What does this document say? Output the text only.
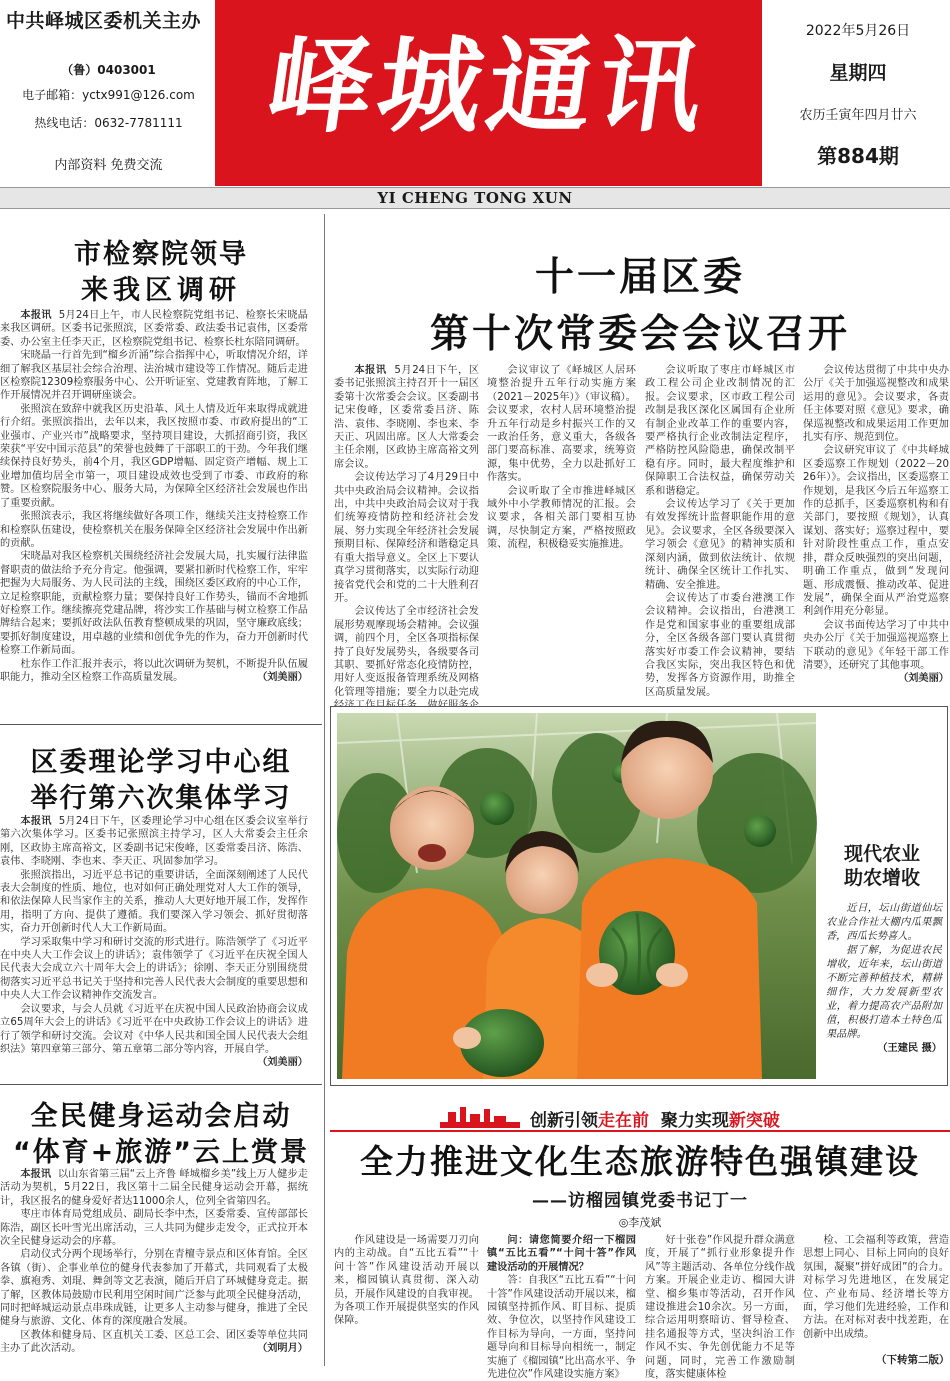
中共峄城区委机关主办
（鲁）0403001
电子邮箱：yctx991@126.com
热线电话：0632-7781111
内部资料 免费交流
峄城通讯	2022年5月26日
星期四
农历壬寅年四月廿六
第884期
YI CHENG TONG XUN
市检察院领导
来我区调研

本报讯 5月24日上午，市人民检察院党组书记、检察长宋晓晶来我区调研。区委书记张照滨，区委常委、政法委书记袁伟，区委常委、办公室主任李天正，区检察院党组书记、检察长杜东陪同调研。

宋晓晶一行首先到“榴乡沂涌”综合指挥中心，听取情况介绍，详细了解我区基层社会综合治理、法治城市建设等工作情况。随后走进区检察院12309检察服务中心、公开听证室、党建教育阵地，了解工作开展情况并召开调研座谈会。

张照滨在致辞中就我区历史沿革、风土人情及近年来取得成就进行介绍。张照滨指出，去年以来，我区按照市委、市政府提出的“工业强市、产业兴市”战略要求，坚持项目建设，大抓招商引资，我区荣获“平安中国示范县”的荣誉也鼓舞了干部职工的干劲。今年我们继续保持良好势头，前4个月，我区GDP增幅、固定资产增幅、规上工业增加值均居全市第一，项目建设成效也受到了市委、市政府的称赞。区检察院服务中心、服务大局，为保障全区经济社会发展也作出了重要贡献。

张照滨表示，我区将继续做好各项工作，继续关注支持检察工作和检察队伍建设，使检察机关在服务保障全区经济社会发展中作出新的贡献。

宋晓晶对我区检察机关围绕经济社会发展大局，扎实履行法律监督职责的做法给予充分肯定。他强调，要紧扣新时代检察工作，牢牢把握为大局服务、为人民司法的主线，围绕区委区政府的中心工作，立足检察职能，贡献检察力量；要保持良好工作势头，锚而不舍地抓好检察工作。继续擦亮党建品牌，将沙实工作基础与树立检察工作品牌结合起来；要抓好政法队伍教育整顿成果的巩固，坚守廉政底线；要抓好制度建设，用卓越的业绩和创优争先的作为，奋力开创新时代检察工作新局面。

杜东作工作汇报并表示，将以此次调研为契机，不断提升队伍履职能力，推动全区检察工作高质量发展。	（刘美丽）

区委理论学习中心组
举行第六次集体学习

本报讯 5月24日下午，区委理论学习中心组在区委会议室举行第六次集体学习。区委书记张照滨主持学习，区人大常委会主任余刚，区政协主席高裕文，区委副书记宋俊峰，区委常委吕济、陈浩、袁伟、李晓刚、李也来、李天正、巩固参加学习。

张照滨指出，习近平总书记的重要讲话，全面深刻阐述了人民代表大会制度的性质、地位，也对如何正确处理党对人大工作的领导，和依法保障人民当家作主的关系，推动人大更好地开展工作，发挥作用，指明了方向、提供了遵循。我们要深入学习领会、抓好贯彻落实，奋力开创新时代人大工作新局面。

学习采取集中学习和研讨交流的形式进行。陈浩领学了《习近平在中央人大工作会议上的讲话》；袁伟领学了《习近平在庆祝全国人民代表大会成立六十周年大会上的讲话》；徐刚、李天正分别围绕贯彻落实习近平总书记关于坚持和完善人民代表大会制度的重要思想和中央人大工作会议精神作交流发言。

会议要求，与会人员就《习近平在庆祝中国人民政治协商会议成立65周年大会上的讲话》《习近平在中央政协工作会议上的讲话》进行了领学和研讨交流。会议对《中华人民共和国全国人民代表大会组织法》第四章第三部分、第五章第二部分等内容，开展自学。
（刘美丽）

全民健身运动会启动
“体育+旅游”云上赏景

本报讯 以山东省第三届“云上齐鲁 峄城榴乡美”线上万人健步走活动为契机，5月22日，我区第十二届全民健身运动会开幕，据统计，我区报名的健身爱好者达11000余人，位列全省第四名。

枣庄市体育局党组成员、副局长李中杰，区委常委、宣传部部长陈浩，副区长叶雪光出席活动，三人共同为健步走发令，正式拉开本次全民健身运动会的序幕。

启动仪式分两个现场举行，分别在青檀寺景点和区体育馆。全区各镇（街）、企事业单位的健身代表参加了开幕式，共同观看了太极拳、旗袍秀、刘琨、舞剑等文艺表演，随后开启了环城健身竞走。据了解，区教体局鼓励市民利用空闲时间广泛参与此项全民健身活动，同时把峄城运动景点串珠成链，让更多人主动参与健身，推进了全民健身与旅游、文化、体育的深度融合发展。

区教体和健身局、区直机关工委、区总工会、团区委等单位共同主办了此次活动。	（刘明月）

十一届区委
第十次常委会会议召开

本报讯 5月24日下午，区委书记张照滨主持召开十一届区委第十次常委会会议。区委副书记宋俊峰，区委常委吕济、陈浩、袁伟、李晓刚、李也来、李天正、巩固出席。区人大常委会主任余刚，区政协主席高裕文列席会议。

会议传达学习了4月29日中共中央政治局会议精神。会议指出，中共中央政治局会议对于我们统筹疫情防控和经济社会发展、努力实现全年经济社会发展预期目标、保障经济和谐稳定具有重大指导意义。全区上下要认真学习贯彻落实，以实际行动迎接省党代会和党的二十大胜利召开。

会议传达了全市经济社会发展形势观摩现场会精神。会议强调，前四个月，全区各项指标保持了良好发展势头，各级要各司其职、要抓好常态化疫情防控，用好人变返报备管理系统及网格化管理等措施；要全力以赴完成

会议审议了《峄城区人居环境整治提升五年行动实施方案（2021－2025年）》（审议稿）。会议要求，农村人居环境整治提升五年行动是乡村振兴工作的又一政治任务，意义重大，各级各部门要高标准、高要求，统筹资源，集中优势，全力以赴抓好工作落实。

会议听取了全市推进峄城区域外中小学教师情况的汇报。会议要求，各相关部门要相互协调，尽快制定方案，严格按照政策、流程，积极稳妥实施推进。

会议听取了枣庄市峄城区市政工程公司企业改制情况的汇报。会议要求，区市政工程公司改制是我区深化区属国有企业所有制企业改革工作的重要内容，要严格执行企业改制法定程序，严格防控风险隐患，确保改制平稳有序。同时，最大程度维护和保障职工合法权益，确保劳动关系和谐稳定。

会议传达学习了《关于更加有效发挥统计监督职能作用的意见》。会议要求，全区各级要深入学习领会《意见》的精神实质和深刻内涵，做到依法统计、依规统计、确保全区统计工作扎实、精确、安全推进。

会议传达了市委台港澳工作会议精神。会议指出，台港澳工作是党和国家事业的重要组成部分，全区各级各部门要认真贯彻落实好市委工作会议精神，要结合我区实际，突出我区特色和优势，发挥各方资源作用，助推全区高质量发展。

会议传达贯彻了中共中央办公厅《关于加强巡视整改和成果运用的意见》。会议要求，各责任主体要对照《意见》要求，确保巡视整改和成果运用工作更加扎实有序、规范到位。

会议研究审议了《中共峄城区委巡察工作规划（2022－2026年）》。会议指出，区委巡察工作规划，是我区今后五年巡察工作的总抓手，区委巡察机构和有关部门，要按照《规划》，认真谋划、落实好；巡察过程中，要针对阶段性重点工作，重点安排，群众反映强烈的突出问题，明确工作重点，做到“发现问题、形成震慑、推动改革、促进发展”，确保全面从严治党巡察利剑作用充分彰显。

会议书面传达学习了中共中央办公厅《关于加强巡视巡察上下联动的意见》《年轻干部工作清要》，还研究了其他事项。
（刘美丽）

现代农业
助农增收

近日，坛山街道仙坛农业合作社大棚内瓜果飘香，西瓜长势喜人。

据了解，为促进农民增收，近年来，坛山街道不断完善种植技术，精耕细作，大力发展新型农业，着力提高农产品附加值，积极打造本土特色瓜果品牌。

（王建民 摄）

创新引领走在前  聚力实现新突破
全力推进文化生态旅游特色强镇建设
——访榴园镇党委书记丁一
◎李茂斌

作风建设是一场需要刀刃向内的主动战。自“五比五看”“十问十答”作风建设活动开展以来，榴园镇认真贯彻、深入动员，开展作风建设的自我审视。为各项工作开展提供坚实的作风保障。

问：请您简要介绍一下榴园镇“五比五看”“十问十答”作风建设活动的开展情况？

答：自我区“五比五看”“十问十答”作风建设活动开展以来，榴园镇坚持抓作风、盯目标、提质效、争位次，以坚持作风建设工作目标为导向，一方面，坚持问题导向和目标导向相统一，制定实施了《榴园镇“比出高水平、争先进位次”作风建设实施方案》

好十张卷”作风提升群众满意度，开展了“抓行业形象提升作风”等主题活动、各单位分线作战方案。开展企业走访、榴园大讲堂、榴乡集市等活动，召开作风建设推进会10余次。另一方面，综合运用明察暗访、督导检查、挂名通报等方式，坚决纠治工作作风不实、争先创优能力不足等问题，同时，完善工作激励制度，落实健康体检

检、工会福利等政策，营造思想上同心、目标上同向的良好氛围，凝聚“拼好成团”的合力。对标学习先进地区，在发展定位、产业布局、经济增长等方面，学习他们先进经验，工作和方法。在对标对表中找差距，在创新中出成绩。

（下转第二版）
